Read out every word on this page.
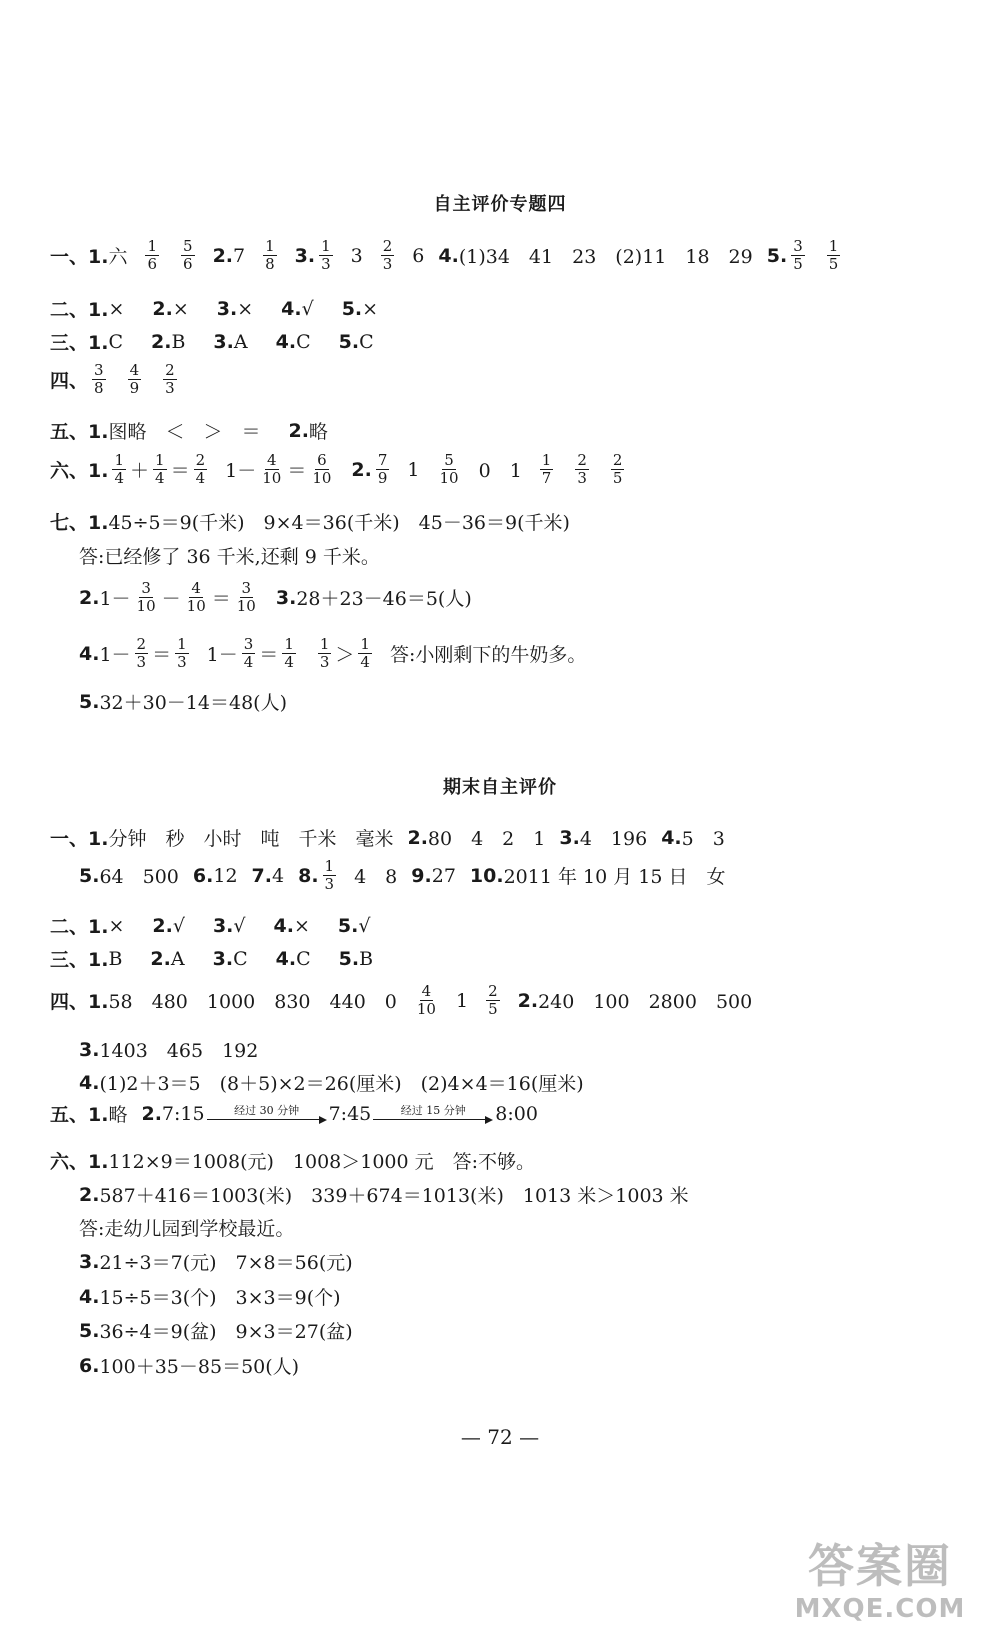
自主评价专题四
一、1. 六 $\frac{1}{6} \frac{5}{6} 2$. $7 \frac{1}{8} 3$. $\frac{1}{3} 3 \frac{2}{3} 6$ 4. (1)34　41　23　(2)11　18　29 5. $\frac{3}{5} \frac{1}{5}$
二、1. × 2. × 3. × 4. √ 5. ×
三、1. C 2. B 3. A 4. C 5. C
四、 $\frac{3}{8} \frac{4}{9} \frac{2}{3}$
五、1. 图略　＜　＞　＝ 2. 略
六、1. $\frac{1}{4} + \frac{1}{4} = \frac{2}{4} 1- \frac{4}{10} = \frac{6}{10} 2$. $\frac{7}{9} 1 \frac{5}{10} 0$　$1 \frac{1}{7} \frac{2}{3} \frac{2}{5}$
七、1. 45÷5＝9(千米)　9×4＝36(千米)　45－36＝9(千米)
答:已经修了 36 千米,还剩 9 千米。
2. $1- \frac{3}{10} - \frac{4}{10} = \frac{3}{10} 3$. 28＋23－46＝5(人)
4. $1- \frac{2}{3} = \frac{1}{3} 1- \frac{3}{4} = \frac{1}{4} \frac{1}{3} > \frac{1}{4}$ 答:小刚剩下的牛奶多。
5. 32＋30－14＝48(人)
期末自主评价
一、1. 分钟　秒　小时　吨　千米　毫米 2. 80　4　2　1 3. 4　196 4. 5　3
5. 64　500 6. 12 7. 4 8. $\frac{1}{3} 4$　8 9. 27 10. 2011 年 10 月 15 日　女
二、1. × 2. √ 3. √ 4. × 5. √
三、1. B 2. A 3. C 4. C 5. B
四、1. 58　480　1000　830　440　$0 \frac{4}{10} 1 \frac{2}{5} 2$. 240　100　2800　500
3. 1403　465　192
4. (1)2＋3＝5　(8＋5)×2＝26(厘米)　(2)4×4＝16(厘米)
五、1. 略 2. 7:15	经过 30 分钟 7:45	经过 15 分钟 8:00
六、1. 112×9＝1008(元)　1008＞1000 元　答:不够。
2. 587＋416＝1003(米)　339＋674＝1013(米)　1013 米＞1003 米
答:走幼儿园到学校最近。
3. 21÷3＝7(元)　7×8＝56(元)
4. 15÷5＝3(个)　3×3＝9(个)
5. 36÷4＝9(盆)　9×3＝27(盆)
6. 100＋35－85＝50(人)
— 72 —
答案圈
MXQE.COM
